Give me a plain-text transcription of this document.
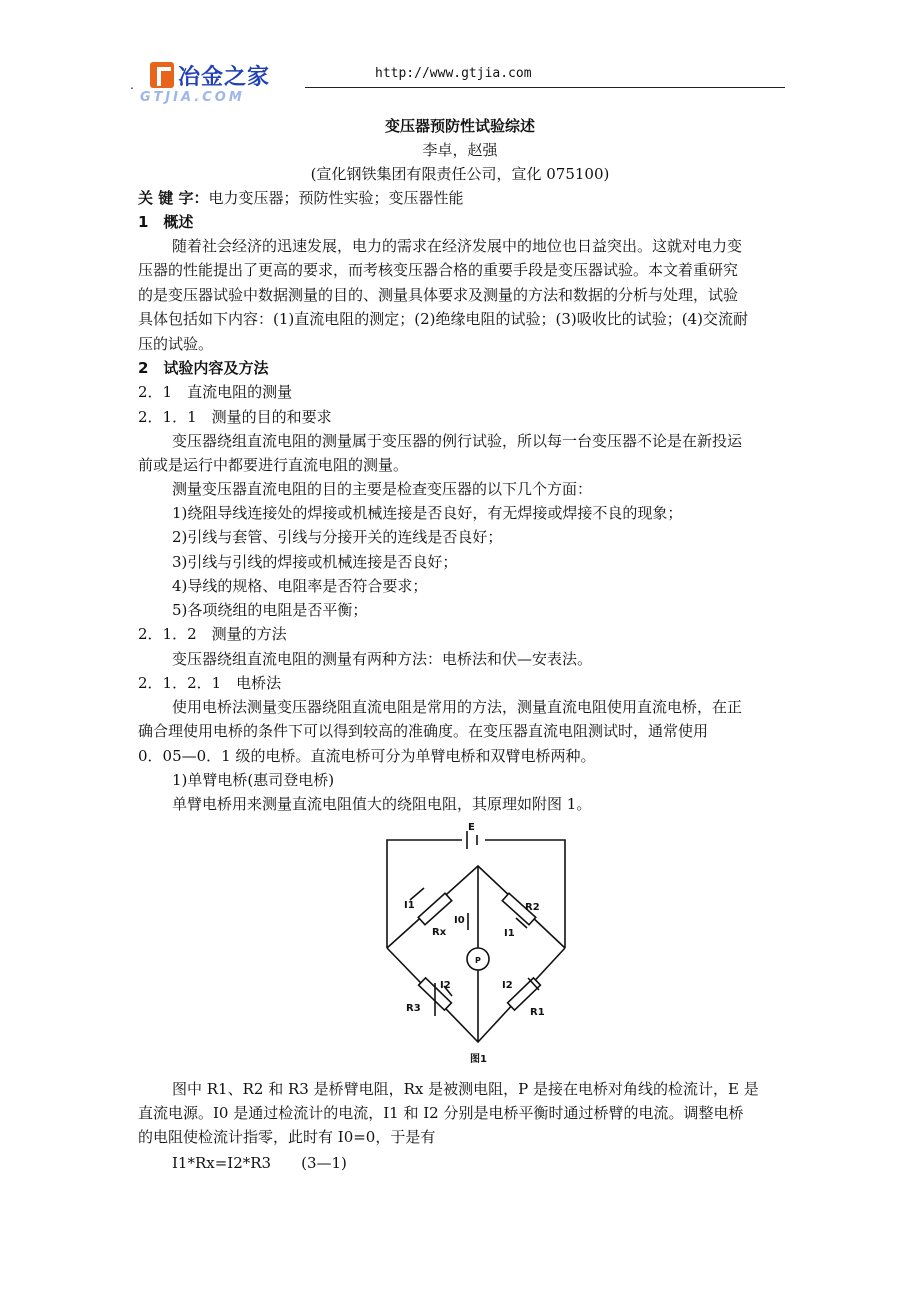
. 冶金之家
GTJIA.COM
http://www.gtjia.com
变压器预防性试验综述
李卓，赵强
(宣化钢铁集团有限责任公司，宣化 075100)
关 键 字：电力变压器；预防性实验；变压器性能
1　概述
随着社会经济的迅速发展，电力的需求在经济发展中的地位也日益突出。这就对电力变
压器的性能提出了更高的要求，而考核变压器合格的重要手段是变压器试验。本文着重研究
的是变压器试验中数据测量的目的、测量具体要求及测量的方法和数据的分析与处理，试验
具体包括如下内容：(1)直流电阻的测定；(2)绝缘电阻的试验；(3)吸收比的试验；(4)交流耐
压的试验。
2　试验内容及方法
2．1　直流电阻的测量
2．1．1　测量的目的和要求
变压器绕组直流电阻的测量属于变压器的例行试验，所以每一台变压器不论是在新投运
前或是运行中都要进行直流电阻的测量。
测量变压器直流电阻的目的主要是检查变压器的以下几个方面：
1)绕阻导线连接处的焊接或机械连接是否良好，有无焊接或焊接不良的现象；
2)引线与套管、引线与分接开关的连线是否良好；
3)引线与引线的焊接或机械连接是否良好；
4)导线的规格、电阻率是否符合要求；
5)各项绕组的电阻是否平衡；
2．1．2　测量的方法
变压器绕组直流电阻的测量有两种方法：电桥法和伏—安表法。
2．1．2．1　电桥法
使用电桥法测量变压器绕阻直流电阻是常用的方法，测量直流电阻使用直流电桥，在正
确合理使用电桥的条件下可以得到较高的准确度。在变压器直流电阻测试时，通常使用
0．05—0．1 级的电桥。直流电桥可分为单臂电桥和双臂电桥两种。
1)单臂电桥(惠司登电桥)
单臂电桥用来测量直流电阻值大的绕阻电阻，其原理如附图 1。
E
I1	R2
Rx
I0
I1
P
I2	I2
R3	R1
图1
图中 R1、R2 和 R3 是桥臂电阻，Rx 是被测电阻，P 是接在电桥对角线的检流计，E 是
直流电源。I0 是通过检流计的电流，I1 和 I2 分别是电桥平衡时通过桥臂的电流。调整电桥
的电阻使检流计指零，此时有 I0=0，于是有
I1*Rx=I2*R3　　(3—1)
